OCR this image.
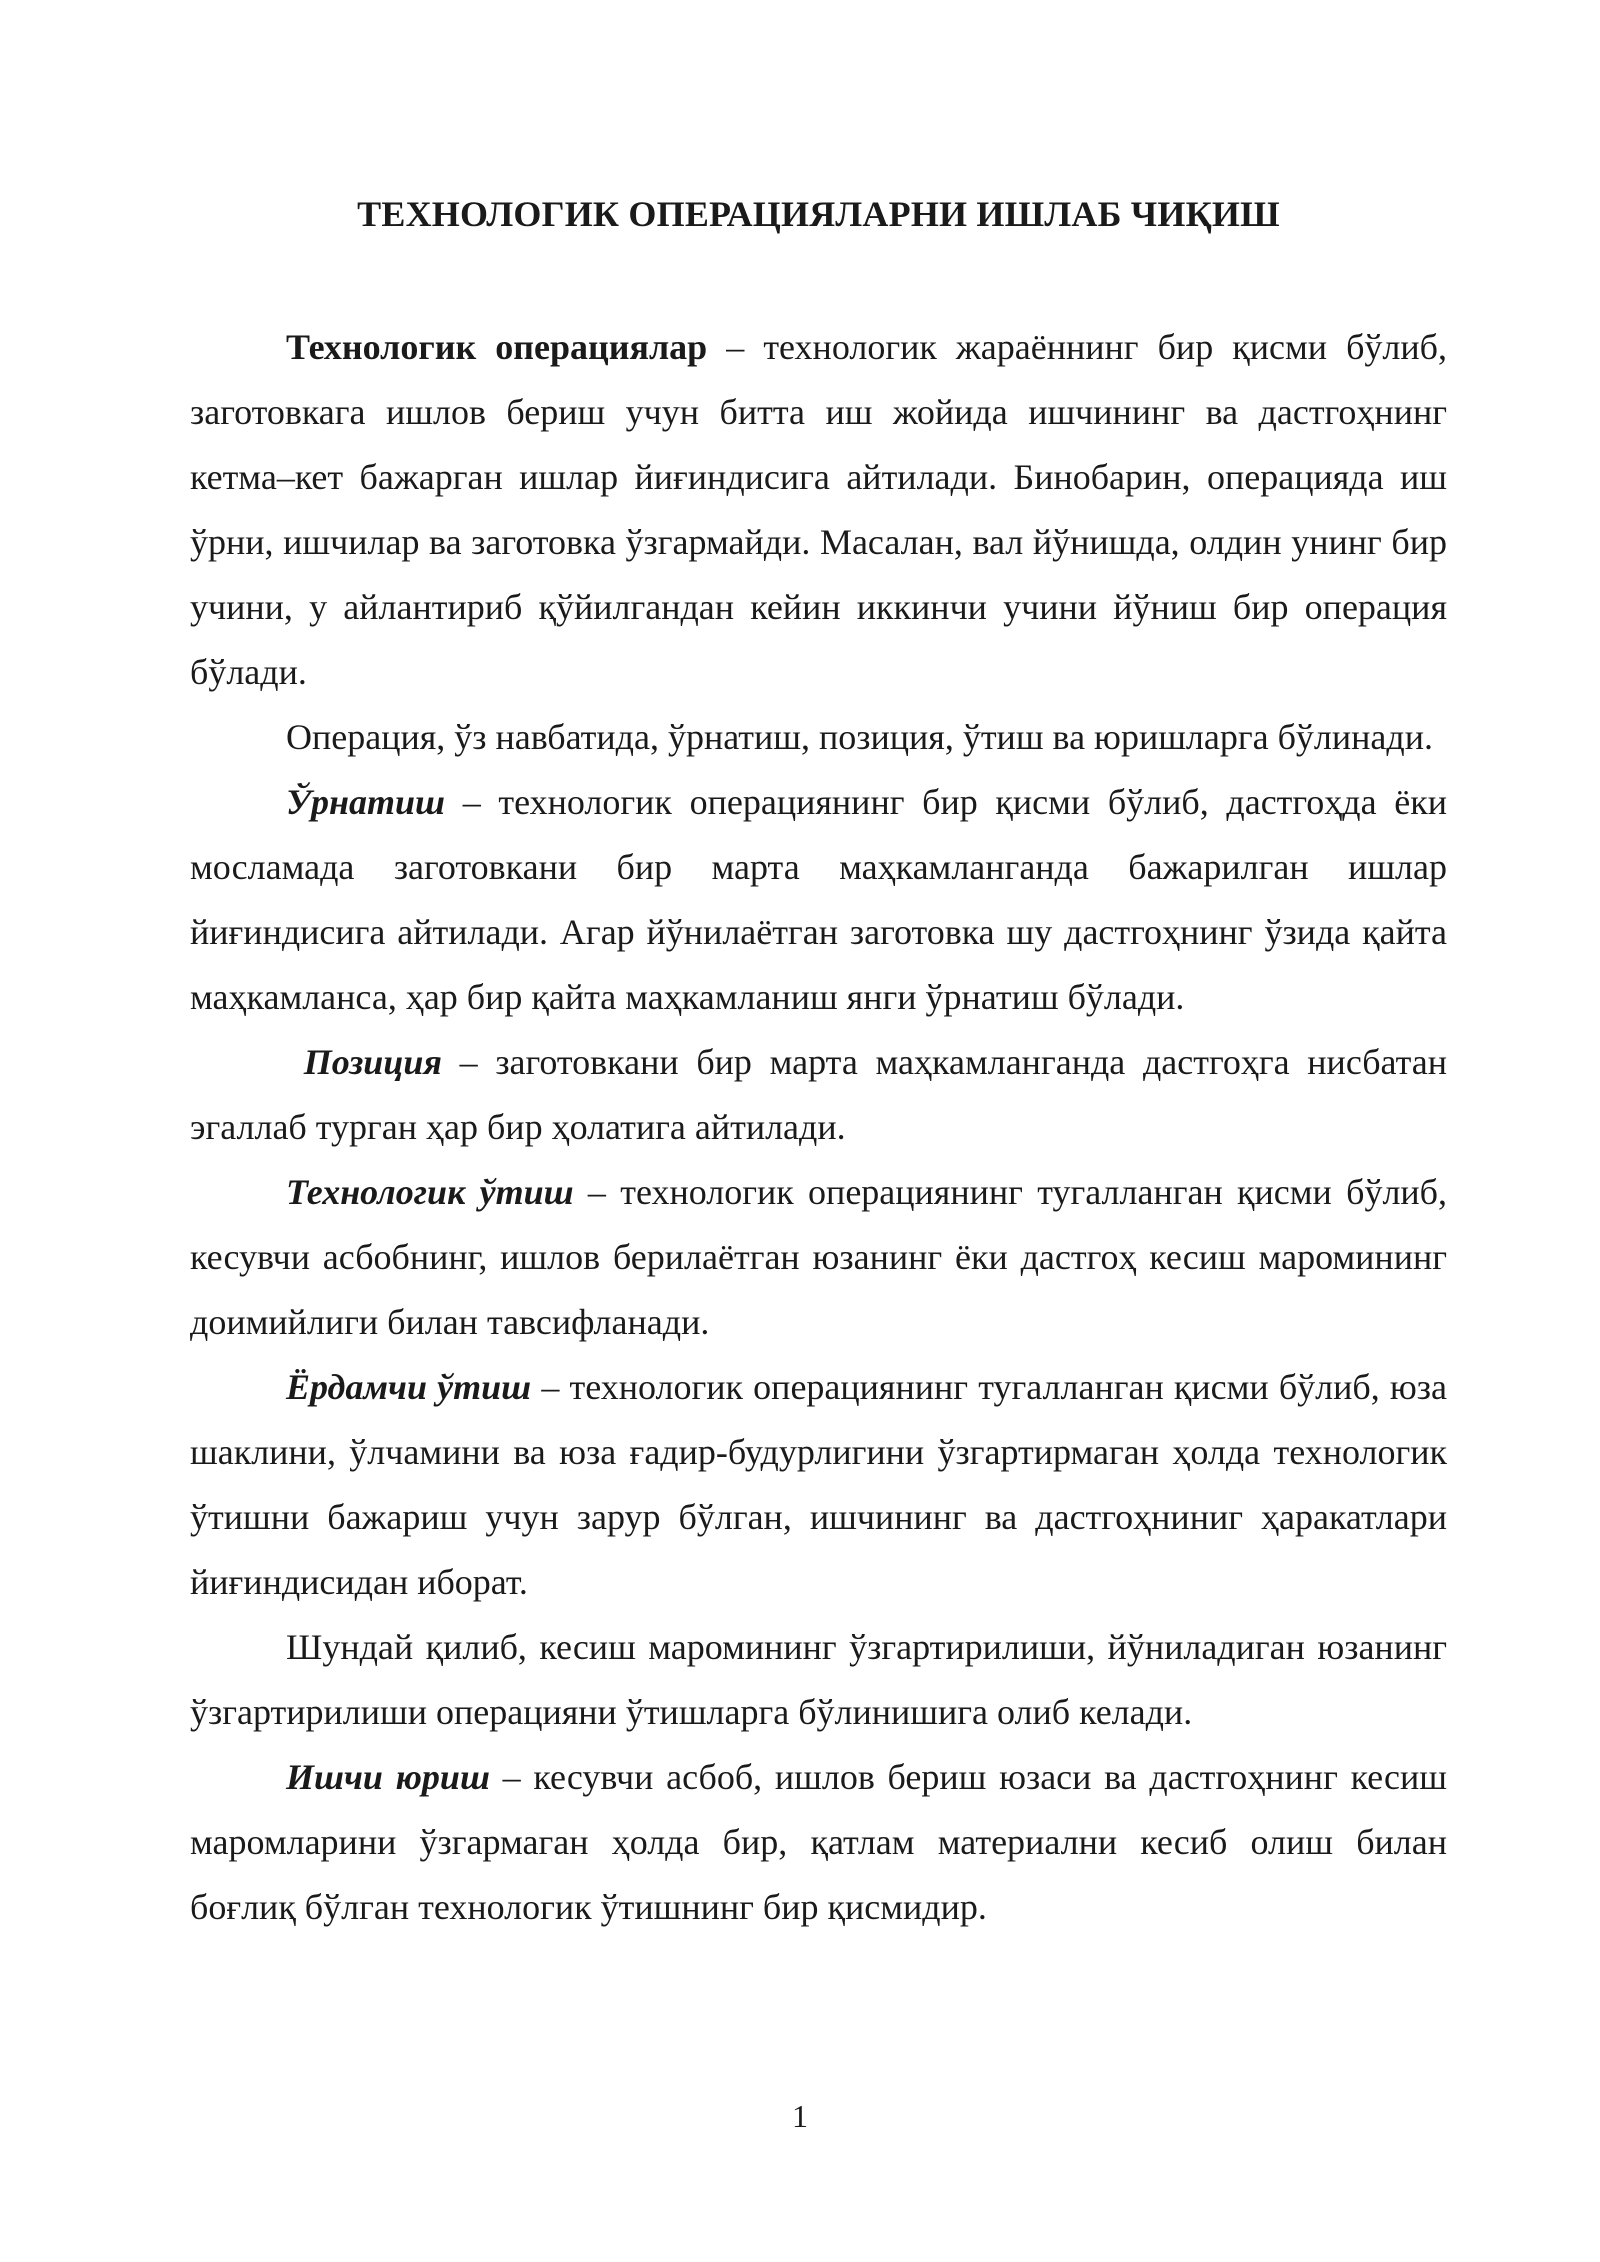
ТЕХНОЛОГИК ОПЕРАЦИЯЛАРНИ ИШЛАБ ЧИҚИШ

Технологик операциялар – технологик жараённинг бир қисми бўлиб, заготовкага ишлов бериш учун битта иш жойида ишчининг ва дастгоҳнинг кетма–кет бажарган ишлар йиғиндисига айтилади. Бинобарин, операцияда иш ўрни, ишчилар ва заготовка ўзгармайди. Масалан, вал йўнишда, олдин унинг бир учини, у айлантириб қўйилгандан кейин иккинчи учини йўниш бир операция бўлади.

Операция, ўз навбатида, ўрнатиш, позиция, ўтиш ва юришларга бўлинади.

Ўрнатиш – технологик операциянинг бир қисми бўлиб, дастгоҳда ёки мосламада заготовкани бир марта маҳкамланганда бажарилган ишлар йиғиндисига айтилади. Агар йўнилаётган заготовка шу дастгоҳнинг ўзида қайта маҳкамланса, ҳар бир қайта маҳкамланиш янги ўрнатиш бўлади.

Позиция – заготовкани бир марта маҳкамланганда дастгоҳга нисбатан эгаллаб турган ҳар бир ҳолатига айтилади.

Технологик ўтиш – технологик операциянинг тугалланган қисми бўлиб, кесувчи асбобнинг, ишлов берилаётган юзанинг ёки дастгоҳ кесиш маромининг доимийлиги билан тавсифланади.

Ёрдамчи ўтиш – технологик операциянинг тугалланган қисми бўлиб, юза шаклини, ўлчамини ва юза ғадир-будурлигини ўзгартирмаган ҳолда технологик ўтишни бажариш учун зарур бўлган, ишчининг ва дастгоҳниниг ҳаракатлари йиғиндисидан иборат.

Шундай қилиб, кесиш маромининг ўзгартирилиши, йўниладиган юзанинг ўзгартирилиши операцияни ўтишларга бўлинишига олиб келади.

Ишчи юриш – кесувчи асбоб, ишлов бериш юзаси ва дастгоҳнинг кесиш маромларини ўзгармаган ҳолда бир, қатлам материални кесиб олиш билан боғлиқ бўлган технологик ўтишнинг бир қисмидир.

1
